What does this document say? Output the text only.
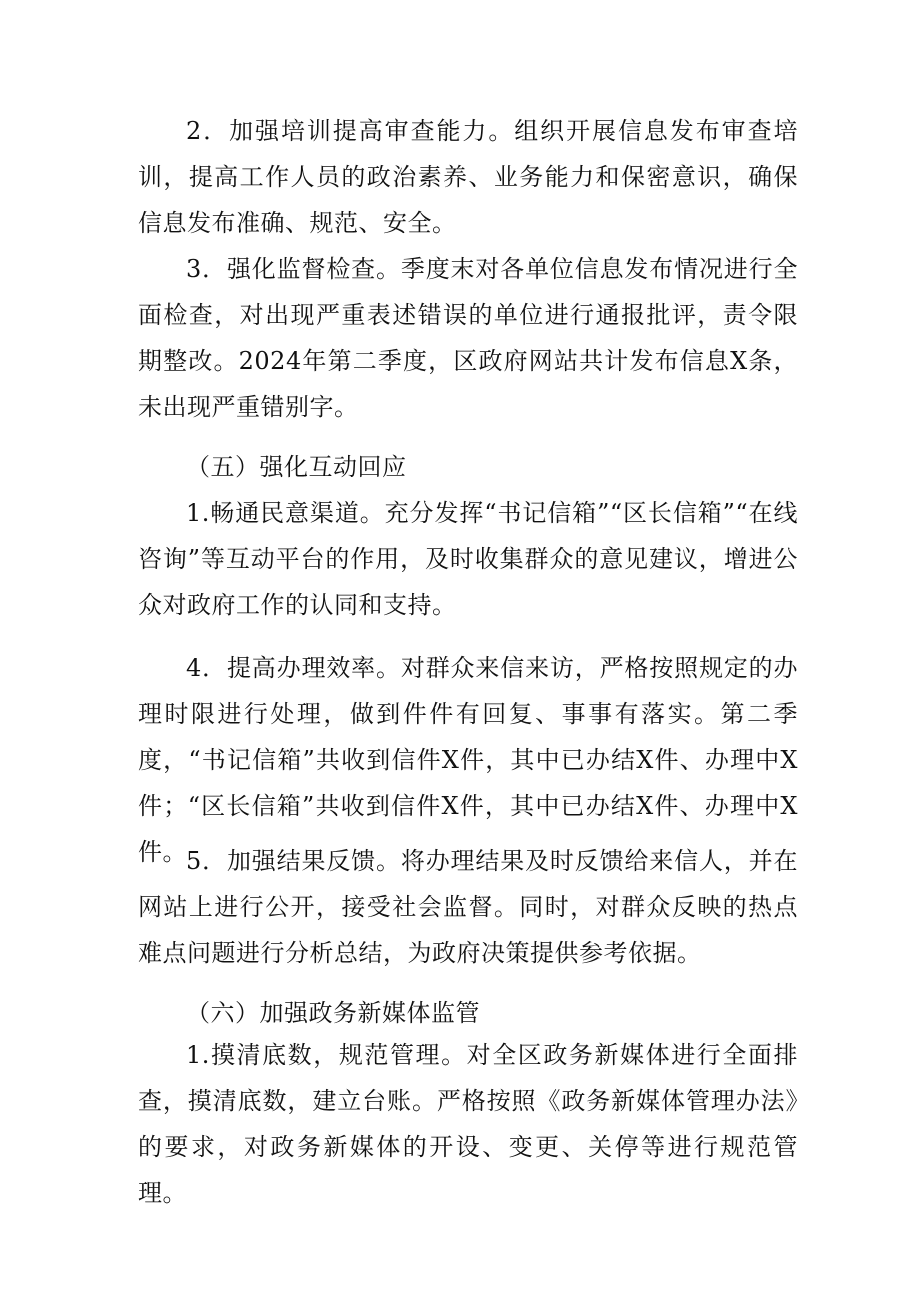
2．加强培训提高审查能力。组织开展信息发布审查培训，提高工作人员的政治素养、业务能力和保密意识，确保信息发布准确、规范、安全。

3．强化监督检查。季度末对各单位信息发布情况进行全面检查，对出现严重表述错误的单位进行通报批评，责令限期整改。2024年第二季度，区政府网站共计发布信息X条，未出现严重错别字。

（五）强化互动回应

1.畅通民意渠道。充分发挥“书记信箱”“区长信箱”“在线咨询”等互动平台的作用，及时收集群众的意见建议，增进公众对政府工作的认同和支持。

4．提高办理效率。对群众来信来访，严格按照规定的办理时限进行处理，做到件件有回复、事事有落实。第二季度，“书记信箱”共收到信件X件，其中已办结X件、办理中X件；“区长信箱”共收到信件X件，其中已办结X件、办理中X件。 5．加强结果反馈。将办理结果及时反馈给来信人，并在网站上进行公开，接受社会监督。同时，对群众反映的热点难点问题进行分析总结，为政府决策提供参考依据。

（六）加强政务新媒体监管

1.摸清底数，规范管理。对全区政务新媒体进行全面排查，摸清底数，建立台账。严格按照《政务新媒体管理办法》的要求，对政务新媒体的开设、变更、关停等进行规范管理。
